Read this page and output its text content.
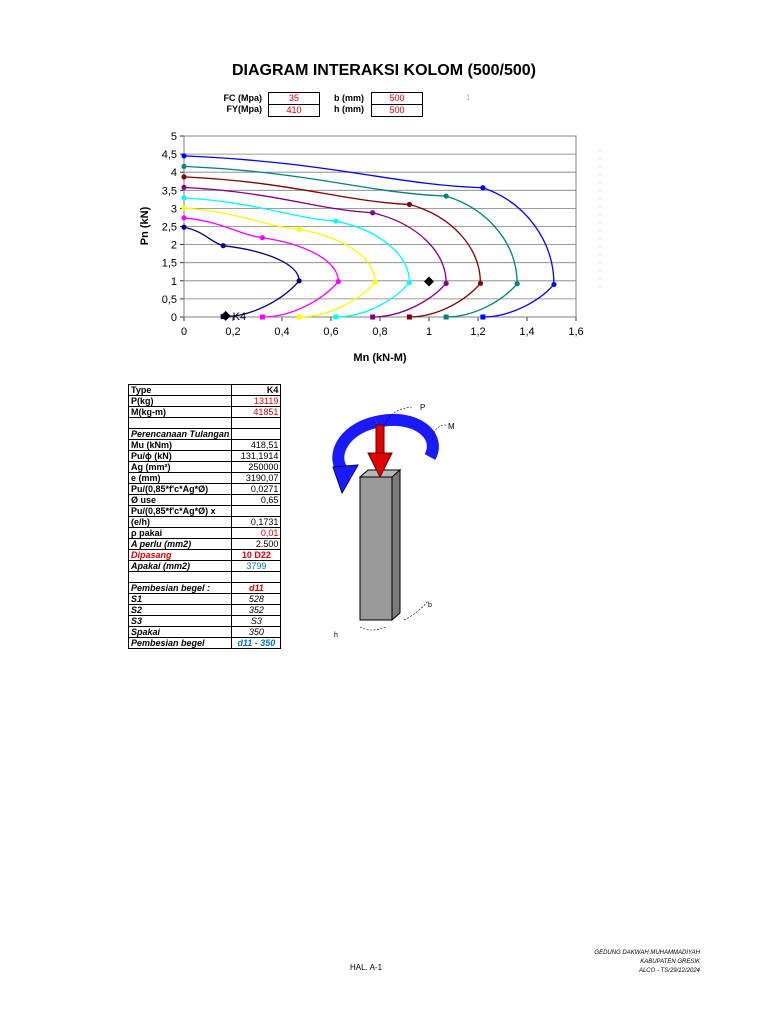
DIAGRAM INTERAKSI KOLOM (500/500)
FC (Mpa)	35
FY(Mpa)	410
b (mm)	500
h (mm)	500
1
0
0,5
1
1,5
2
2,5
3
3,5
4
4,5
5
0	0,2	0,4	0,6	0,8	1	1,2	1,4	1,6
K4
Mn (kN-M)
Pn (kN)
Type	K4
P(kg)	13119
M(kg-m)	41851

Perencanaan Tulangan	
Mu (kNm)	418,51
Pu/ϕ (kN)	131,1914
Ag (mm²)	250000
e (mm)	3190,07
Pu/(0,85*f'c*Ag*Ø)	0,0271
Ø use	0,65
Pu/(0,85*f'c*Ag*Ø) x	
(e/h)	0,1731
ρ pakai	0,01
A perlu (mm2)	2.500
Dipasang	10 D22
Apakai (mm2)	3799

Pembesian begel :	d11
S1	528
S2	352
S3	S3
Spakai	350
Pembesian begel	d11 - 350
P
M
h
b
HAL. A-1
GEDUNG DAKWAH MUHAMMADIYAH
KABUPATEN GRESIK
ALCO - TS/29/12/2024
